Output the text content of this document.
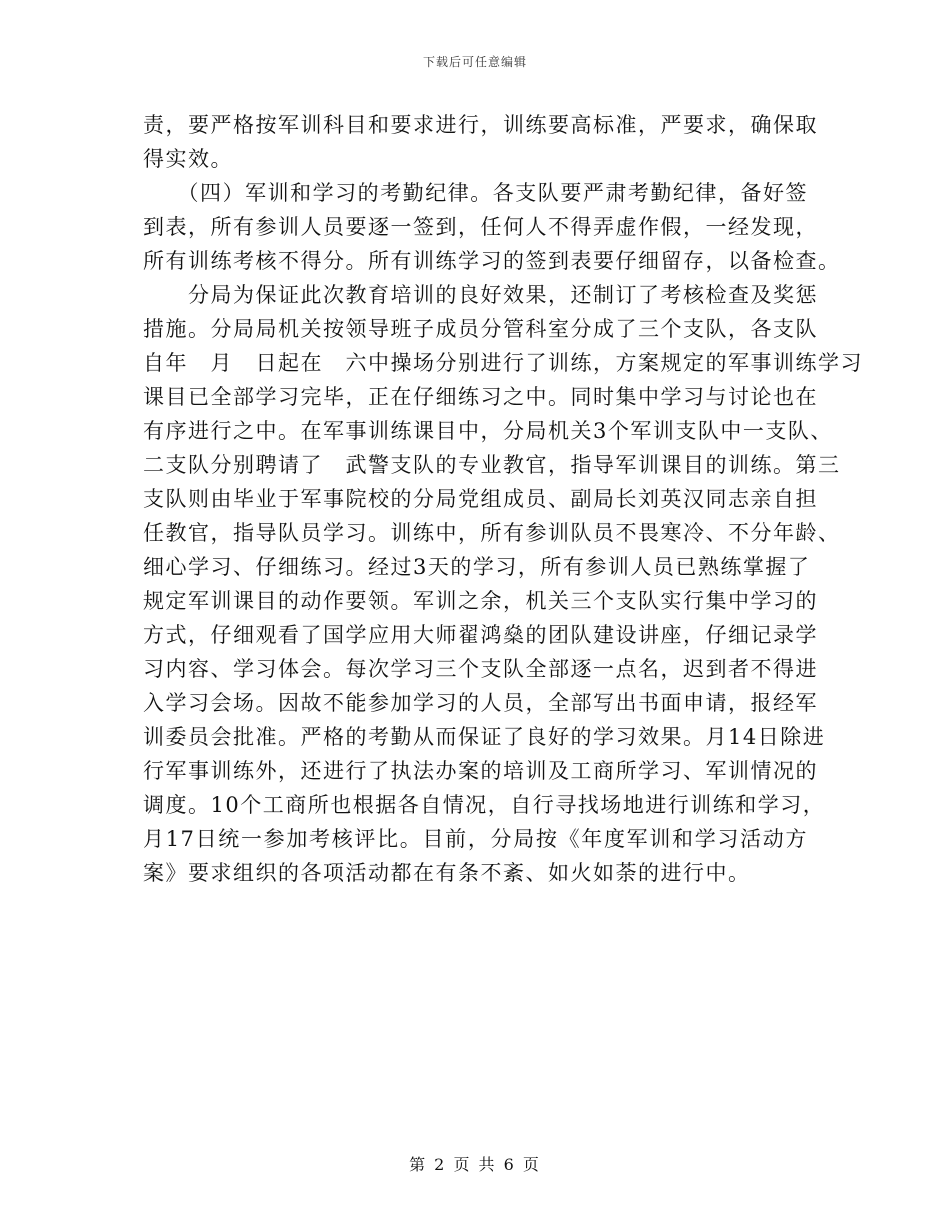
下载后可任意编辑
责，要严格按军训科目和要求进行，训练要高标准，严要求，确保取
得实效。
　　（四）军训和学习的考勤纪律。各支队要严肃考勤纪律，备好签
到表，所有参训人员要逐一签到，任何人不得弄虚作假，一经发现，
所有训练考核不得分。所有训练学习的签到表要仔细留存，以备检查。
　　分局为保证此次教育培训的良好效果，还制订了考核检查及奖惩
措施。分局局机关按领导班子成员分管科室分成了三个支队，各支队
自年　月　日起在　六中操场分别进行了训练，方案规定的军事训练学习
课目已全部学习完毕，正在仔细练习之中。同时集中学习与讨论也在
有序进行之中。在军事训练课目中，分局机关3个军训支队中一支队、
二支队分别聘请了　武警支队的专业教官，指导军训课目的训练。第三
支队则由毕业于军事院校的分局党组成员、副局长刘英汉同志亲自担
任教官，指导队员学习。训练中，所有参训队员不畏寒冷、不分年龄、
细心学习、仔细练习。经过3天的学习，所有参训人员已熟练掌握了
规定军训课目的动作要领。军训之余，机关三个支队实行集中学习的
方式，仔细观看了国学应用大师翟鸿燊的团队建设讲座，仔细记录学
习内容、学习体会。每次学习三个支队全部逐一点名，迟到者不得进
入学习会场。因故不能参加学习的人员，全部写出书面申请，报经军
训委员会批准。严格的考勤从而保证了良好的学习效果。月14日除进
行军事训练外，还进行了执法办案的培训及工商所学习、军训情况的
调度。10个工商所也根据各自情况，自行寻找场地进行训练和学习，
月17日统一参加考核评比。目前，分局按《年度军训和学习活动方
案》要求组织的各项活动都在有条不紊、如火如荼的进行中。
第 2 页 共 6 页
